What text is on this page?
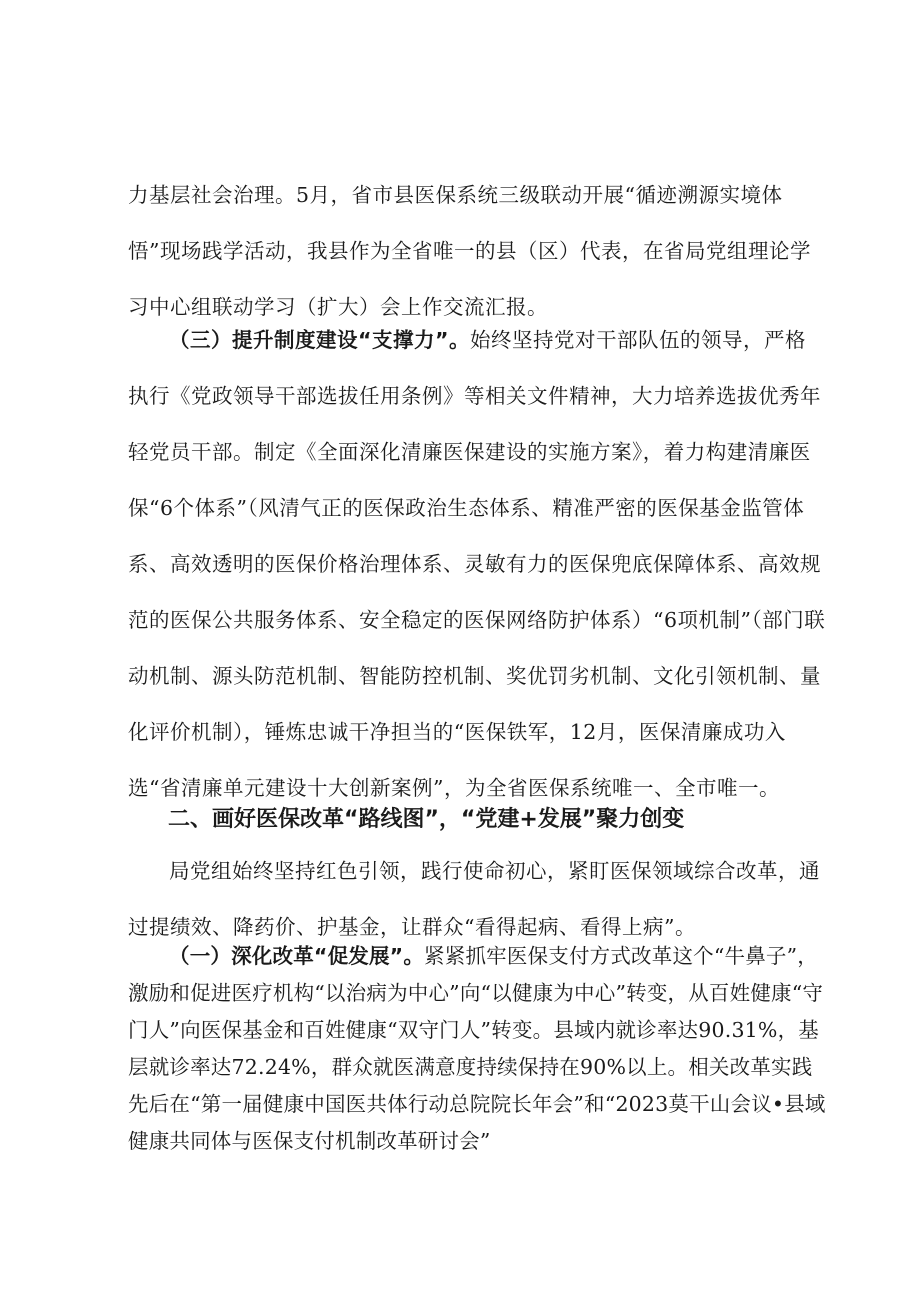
力基层社会治理。5月，省市县医保系统三级联动开展“循迹溯源实境体悟”现场践学活动，我县作为全省唯一的县（区）代表，在省局党组理论学习中心组联动学习（扩大）会上作交流汇报。

（三）提升制度建设“支撑力”。始终坚持党对干部队伍的领导，严格执行《党政领导干部选拔任用条例》等相关文件精神，大力培养选拔优秀年轻党员干部。制定《全面深化清廉医保建设的实施方案》，着力构建清廉医保“6个体系”（风清气正的医保政治生态体系、精准严密的医保基金监管体系、高效透明的医保价格治理体系、灵敏有力的医保兜底保障体系、高效规范的医保公共服务体系、安全稳定的医保网络防护体系）“6项机制”（部门联动机制、源头防范机制、智能防控机制、奖优罚劣机制、文化引领机制、量化评价机制），锤炼忠诚干净担当的“医保铁军，12月，医保清廉成功入选“省清廉单元建设十大创新案例”，为全省医保系统唯一、全市唯一。

二、画好医保改革“路线图”，“党建+发展”聚力创变

局党组始终坚持红色引领，践行使命初心，紧盯医保领域综合改革，通过提绩效、降药价、护基金，让群众“看得起病、看得上病”。

（一）深化改革“促发展”。紧紧抓牢医保支付方式改革这个“牛鼻子”，激励和促进医疗机构“以治病为中心”向“以健康为中心”转变，从百姓健康“守门人”向医保基金和百姓健康“双守门人”转变。县域内就诊率达90.31%，基层就诊率达72.24%，群众就医满意度持续保持在90%以上。相关改革实践先后在“第一届健康中国医共体行动总院院长年会”和“2023莫干山会议•县域健康共同体与医保支付机制改革研讨会”
